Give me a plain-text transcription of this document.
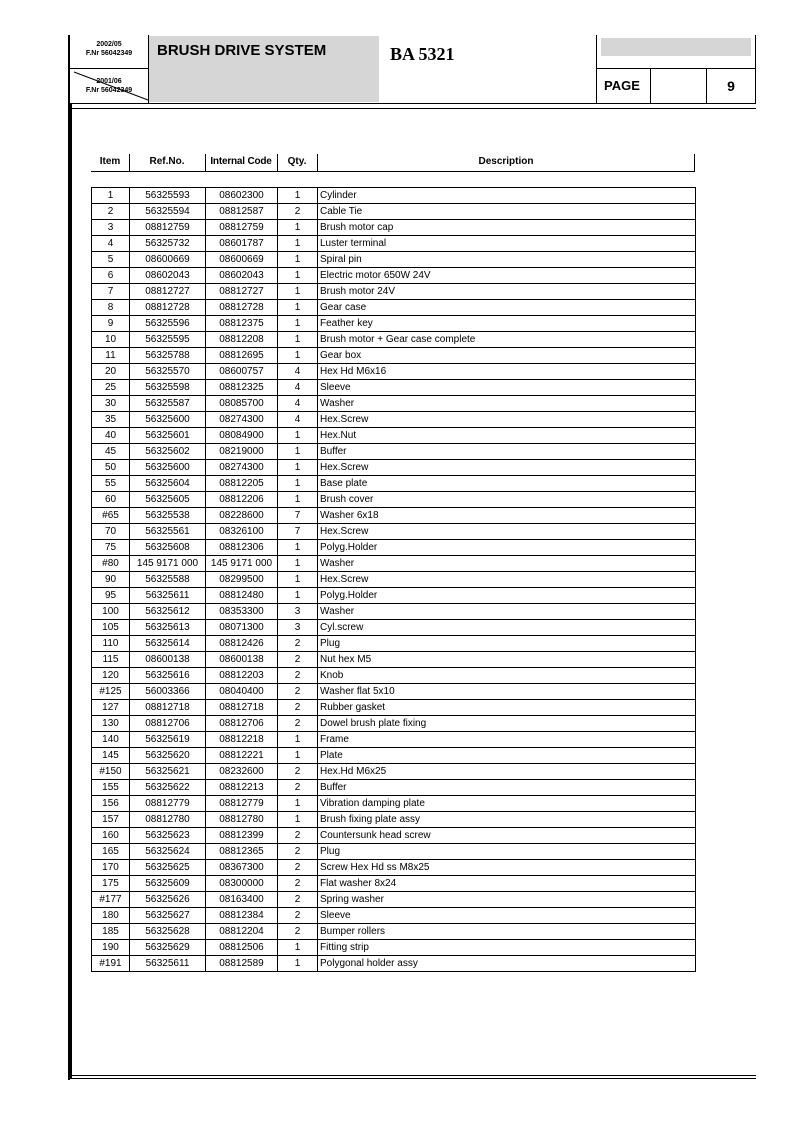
2002/05
F.Nr 56042349
2001/06
F.Nr 56042349
BRUSH DRIVE SYSTEM	BA 5321
PAGE	9
Item	Ref.No.	Internal Code	Qty.	Description
1	56325593	08602300	1	Cylinder
2	56325594	08812587	2	Cable Tie
3	08812759	08812759	1	Brush motor cap
4	56325732	08601787	1	Luster terminal
5	08600669	08600669	1	Spiral pin
6	08602043	08602043	1	Electric motor 650W 24V
7	08812727	08812727	1	Brush motor 24V
8	08812728	08812728	1	Gear case
9	56325596	08812375	1	Feather key
10	56325595	08812208	1	Brush motor + Gear case complete
11	56325788	08812695	1	Gear box
20	56325570	08600757	4	Hex Hd M6x16
25	56325598	08812325	4	Sleeve
30	56325587	08085700	4	Washer
35	56325600	08274300	4	Hex.Screw
40	56325601	08084900	1	Hex.Nut
45	56325602	08219000	1	Buffer
50	56325600	08274300	1	Hex.Screw
55	56325604	08812205	1	Base plate
60	56325605	08812206	1	Brush cover
#65	56325538	08228600	7	Washer 6x18
70	56325561	08326100	7	Hex.Screw
75	56325608	08812306	1	Polyg.Holder
#80	145 9171 000	145 9171 000	1	Washer
90	56325588	08299500	1	Hex.Screw
95	56325611	08812480	1	Polyg.Holder
100	56325612	08353300	3	Washer
105	56325613	08071300	3	Cyl.screw
110	56325614	08812426	2	Plug
115	08600138	08600138	2	Nut hex M5
120	56325616	08812203	2	Knob
#125	56003366	08040400	2	Washer flat 5x10
127	08812718	08812718	2	Rubber gasket
130	08812706	08812706	2	Dowel brush plate fixing
140	56325619	08812218	1	Frame
145	56325620	08812221	1	Plate
#150	56325621	08232600	2	Hex.Hd M6x25
155	56325622	08812213	2	Buffer
156	08812779	08812779	1	Vibration damping plate
157	08812780	08812780	1	Brush fixing plate assy
160	56325623	08812399	2	Countersunk head screw
165	56325624	08812365	2	Plug
170	56325625	08367300	2	Screw Hex Hd ss M8x25
175	56325609	08300000	2	Flat washer 8x24
#177	56325626	08163400	2	Spring washer
180	56325627	08812384	2	Sleeve
185	56325628	08812204	2	Bumper rollers
190	56325629	08812506	1	Fitting strip
#191	56325611	08812589	1	Polygonal holder assy
